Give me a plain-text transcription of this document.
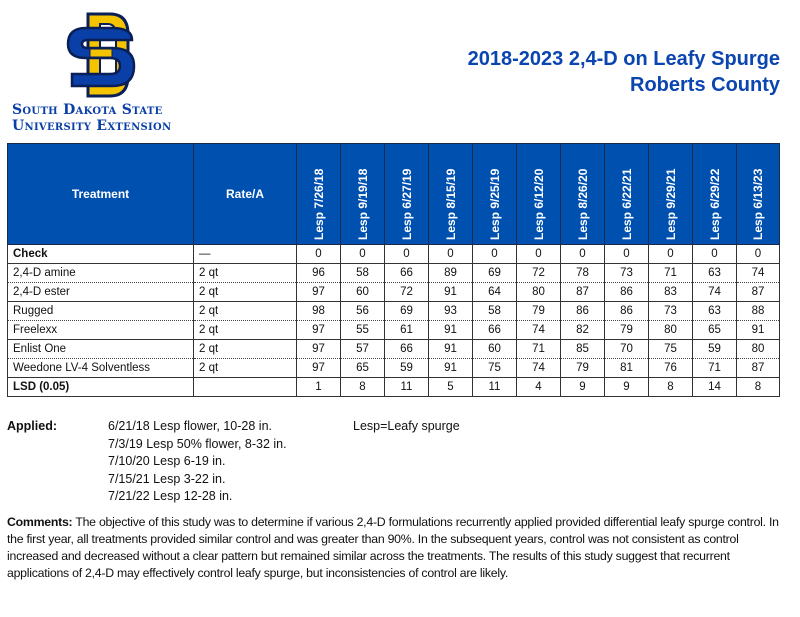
South Dakota State
University Extension
2018-2023 2,4-D on Leafy Spurge
Roberts County
Treatment	Rate/A	Lesp 7/26/18	Lesp 9/19/18	Lesp 6/27/19	Lesp 8/15/19	Lesp 9/25/19	Lesp 6/12/20	Lesp 8/26/20	Lesp 6/22/21	Lesp 9/29/21	Lesp 6/29/22	Lesp 6/13/23

Check	—	0	0	0	0	0	0	0	0	0	0	0
2,4-D amine	2 qt	96	58	66	89	69	72	78	73	71	63	74
2,4-D ester	2 qt	97	60	72	91	64	80	87	86	83	74	87
Rugged	2 qt	98	56	69	93	58	79	86	86	73	63	88
Freelexx	2 qt	97	55	61	91	66	74	82	79	80	65	91
Enlist One	2 qt	97	57	66	91	60	71	85	70	75	59	80
Weedone LV-4 Solventless	2 qt	97	65	59	91	75	74	79	81	76	71	87
LSD (0.05)		1	8	11	5	11	4	9	9	8	14	8
Applied:	6/21/18 Lesp flower, 10-28 in.
7/3/19 Lesp 50% flower, 8-32 in.
7/10/20 Lesp 6-19 in.
7/15/21 Lesp 3-22 in.
7/21/22 Lesp 12-28 in.
Lesp=Leafy spurge
Comments: The objective of this study was to determine if various 2,4-D formulations recurrently applied provided differential leafy spurge control. In the first year, all treatments provided similar control and was greater than 90%. In the subsequent years, control was not consistent as control increased and decreased without a clear pattern but remained similar across the treatments. The results of this study suggest that recurrent applications of 2,4-D may effectively control leafy spurge, but inconsistencies of control are likely.
